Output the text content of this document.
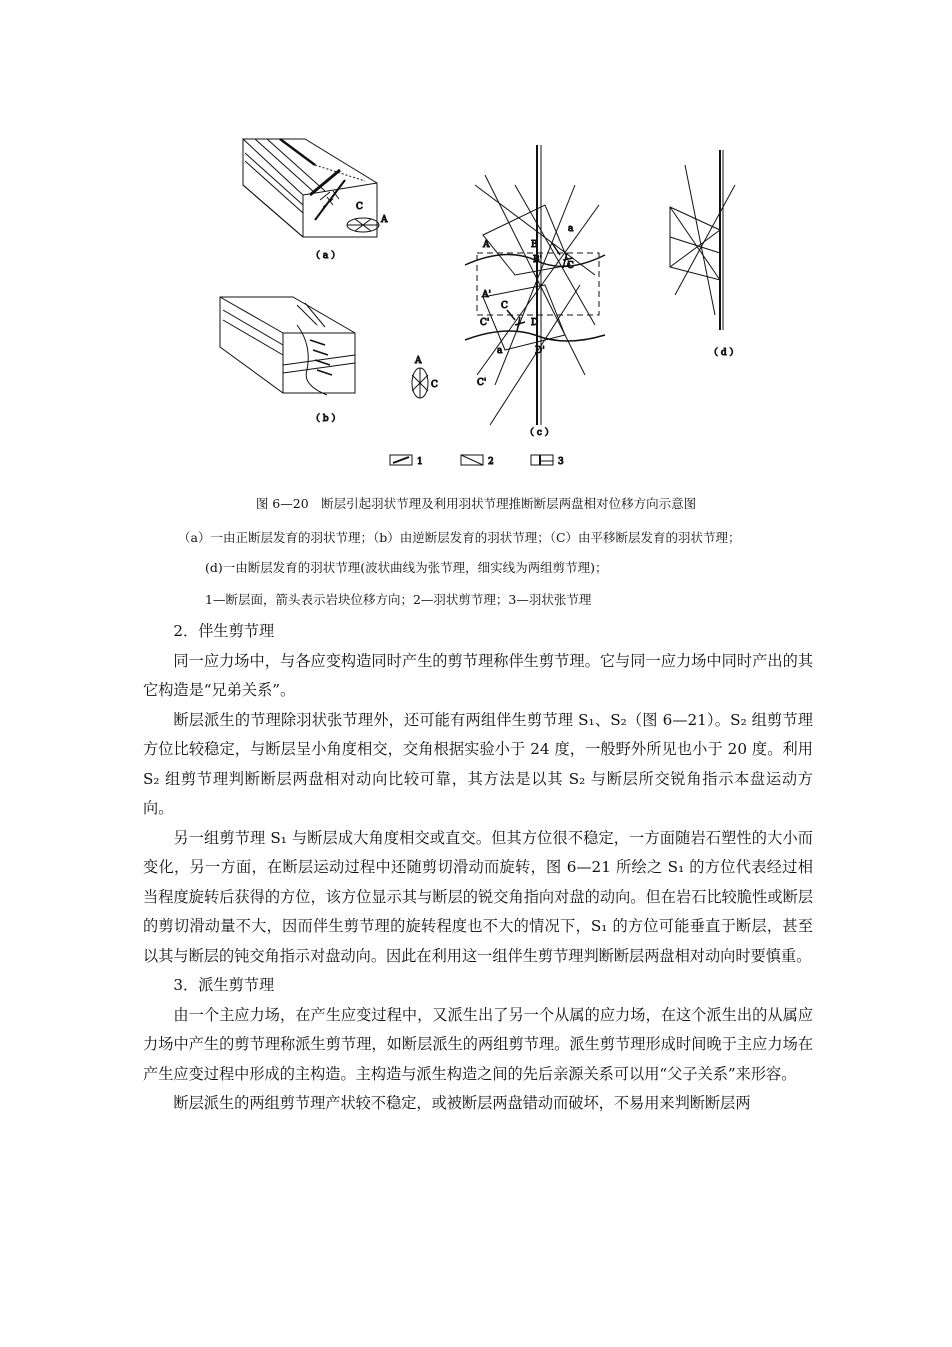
C
A
（ a ）
A
C
（ b ）
A	B
a
B'
C
A'
C
C'	D
a	D'
C'
（ c ）
（ d ）
1	2	3
图 6—20　断层引起羽状节理及利用羽状节理推断断层两盘相对位移方向示意图
（a）一由正断层发育的羽状节理；（b）由逆断层发育的羽状节理；（C）由平移断层发育的羽状节理；
(d)一由断层发育的羽状节理(波状曲线为张节理，细实线为两组剪节理)；
1—断层面，箭头表示岩块位移方向；2—羽状剪节理；3—羽状张节理

2．伴生剪节理

同一应力场中，与各应变构造同时产生的剪节理称伴生剪节理。它与同一应力场中同时产出的其它构造是“兄弟关系”。

断层派生的节理除羽状张节理外，还可能有两组伴生剪节理 S₁、S₂（图 6—21）。S₂ 组剪节理方位比较稳定，与断层呈小角度相交，交角根据实验小于 24 度，一般野外所见也小于 20 度。利用 S₂ 组剪节理判断断层两盘相对动向比较可靠，其方法是以其 S₂ 与断层所交锐角指示本盘运动方向。

另一组剪节理 S₁ 与断层成大角度相交或直交。但其方位很不稳定，一方面随岩石塑性的大小而变化，另一方面，在断层运动过程中还随剪切滑动而旋转，图 6—21 所绘之 S₁ 的方位代表经过相当程度旋转后获得的方位，该方位显示其与断层的锐交角指向对盘的动向。但在岩石比较脆性或断层的剪切滑动量不大，因而伴生剪节理的旋转程度也不大的情况下，S₁ 的方位可能垂直于断层，甚至以其与断层的钝交角指示对盘动向。因此在利用这一组伴生剪节理判断断层两盘相对动向时要慎重。

3．派生剪节理

由一个主应力场，在产生应变过程中，又派生出了另一个从属的应力场，在这个派生出的从属应力场中产生的剪节理称派生剪节理，如断层派生的两组剪节理。派生剪节理形成时间晚于主应力场在产生应变过程中形成的主构造。主构造与派生构造之间的先后亲源关系可以用“父子关系”来形容。

断层派生的两组剪节理产状较不稳定，或被断层两盘错动而破坏，不易用来判断断层两
